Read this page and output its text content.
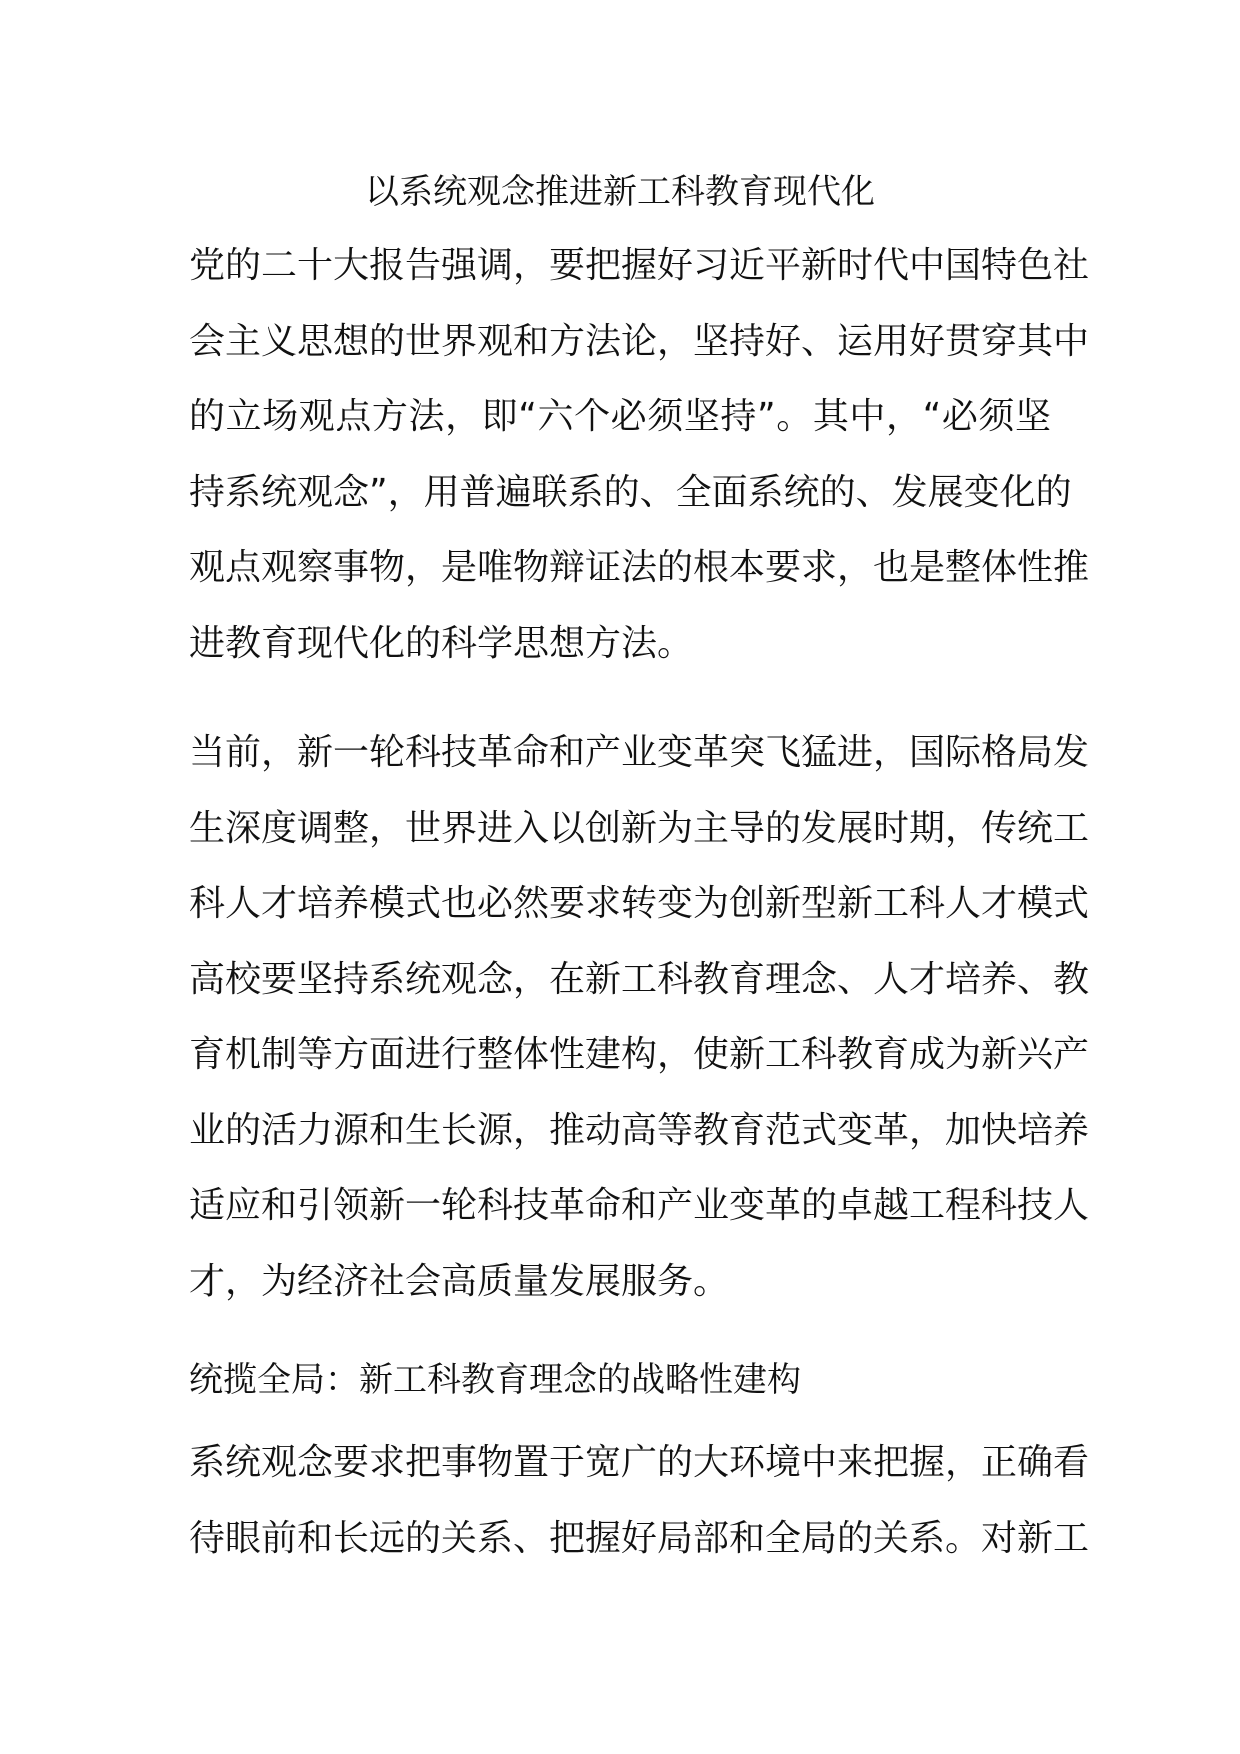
以系统观念推进新工科教育现代化

党的二十大报告强调，要把握好习近平新时代中国特色社
会主义思想的世界观和方法论，坚持好、运用好贯穿其中
的立场观点方法，即“六个必须坚持”。其中，“必须坚
持系统观念”，用普遍联系的、全面系统的、发展变化的
观点观察事物，是唯物辩证法的根本要求，也是整体性推
进教育现代化的科学思想方法。

当前，新一轮科技革命和产业变革突飞猛进，国际格局发
生深度调整，世界进入以创新为主导的发展时期，传统工
科人才培养模式也必然要求转变为创新型新工科人才模式
高校要坚持系统观念，在新工科教育理念、人才培养、教
育机制等方面进行整体性建构，使新工科教育成为新兴产
业的活力源和生长源，推动高等教育范式变革，加快培养
适应和引领新一轮科技革命和产业变革的卓越工程科技人
才，为经济社会高质量发展服务。

统揽全局：新工科教育理念的战略性建构

系统观念要求把事物置于宽广的大环境中来把握，正确看
待眼前和长远的关系、把握好局部和全局的关系。对新工
